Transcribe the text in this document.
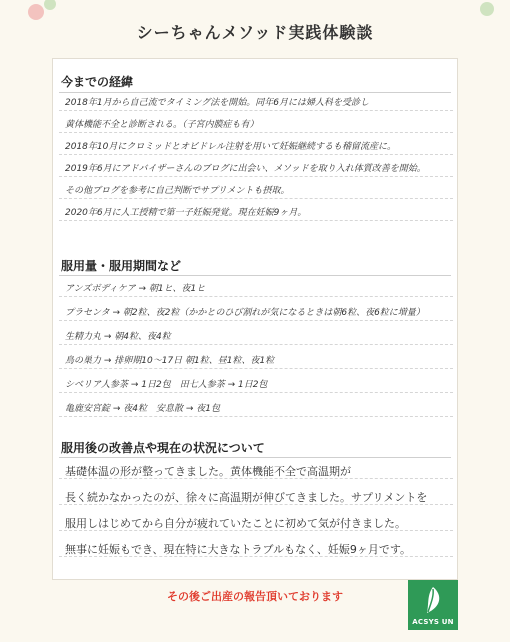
シーちゃんメソッド実践体験談
今までの経緯
2018年1月から自己流でタイミング法を開始。同年6月には婦人科を受診し
黄体機能不全と診断される。（子宮内膜症も有）
2018年10月にクロミッドとオビドレル注射を用いて妊娠継続するも稽留流産に。
2019年6月にアドバイザーさんのブログに出会い、メソッドを取り入れ体質改善を開始。
その他ブログを参考に自己判断でサプリメントも摂取。
2020年6月に人工授精で第一子妊娠発覚。現在妊娠9ヶ月。
服用量・服用期間など
アンズボディケア → 朝1ヒ、夜1ヒ
プラセンタ → 朝2粒、夜2粒（かかとのひび割れが気になるときは朝6粒、夜6粒に増量）
生精力丸 → 朝4粒、夜4粒
鳥の巣力 → 排卵期10〜17日 朝1粒、昼1粒、夜1粒
シベリア人参茶 → 1日2包　田七人参茶 → 1日2包
亀鹿安宮錠 → 夜4粒　安息散 → 夜1包
服用後の改善点や現在の状況について
基礎体温の形が整ってきました。黄体機能不全で高温期が
長く続かなかったのが、徐々に高温期が伸びてきました。サプリメントを
服用しはじめてから自分が疲れていたことに初めて気が付きました。
無事に妊娠もでき、現在特に大きなトラブルもなく、妊娠9ヶ月です。
その後ご出産の報告頂いております
ACSYS UN
